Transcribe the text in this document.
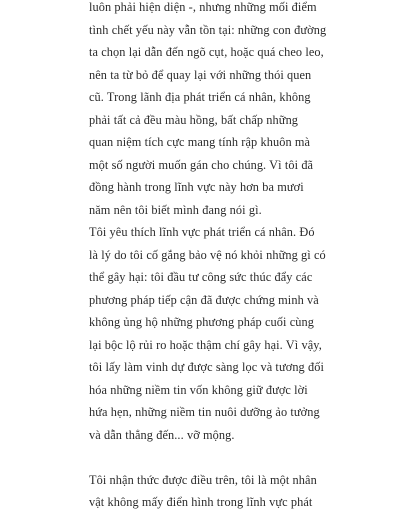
luôn phải hiện diện -, nhưng những mối điểm
tình chết yếu này vẫn tồn tại: những con đường
ta chọn lại dẫn đến ngõ cụt, hoặc quá cheo leo,
nên ta từ bỏ để quay lại với những thói quen
cũ. Trong lãnh địa phát triển cá nhân, không
phải tất cả đều màu hồng, bất chấp những
quan niệm tích cực mang tính rập khuôn mà
một số người muốn gán cho chúng. Vì tôi đã
đồng hành trong lĩnh vực này hơn ba mươi
năm nên tôi biết mình đang nói gì.
Tôi yêu thích lĩnh vực phát triển cá nhân. Đó
là lý do tôi cố gắng bảo vệ nó khỏi những gì có
thể gây hại: tôi đầu tư công sức thúc đẩy các
phương pháp tiếp cận đã được chứng minh và
không ủng hộ những phương pháp cuối cùng
lại bộc lộ rủi ro hoặc thậm chí gây hại. Vì vậy,
tôi lấy làm vinh dự được sàng lọc và tương đối
hóa những niềm tin vốn không giữ được lời
hứa hẹn, những niềm tin nuôi dưỡng ảo tưởng
và dẫn thẳng đến... vỡ mộng.
Tôi nhận thức được điều trên, tôi là một nhân
vật không mấy điển hình trong lĩnh vực phát
